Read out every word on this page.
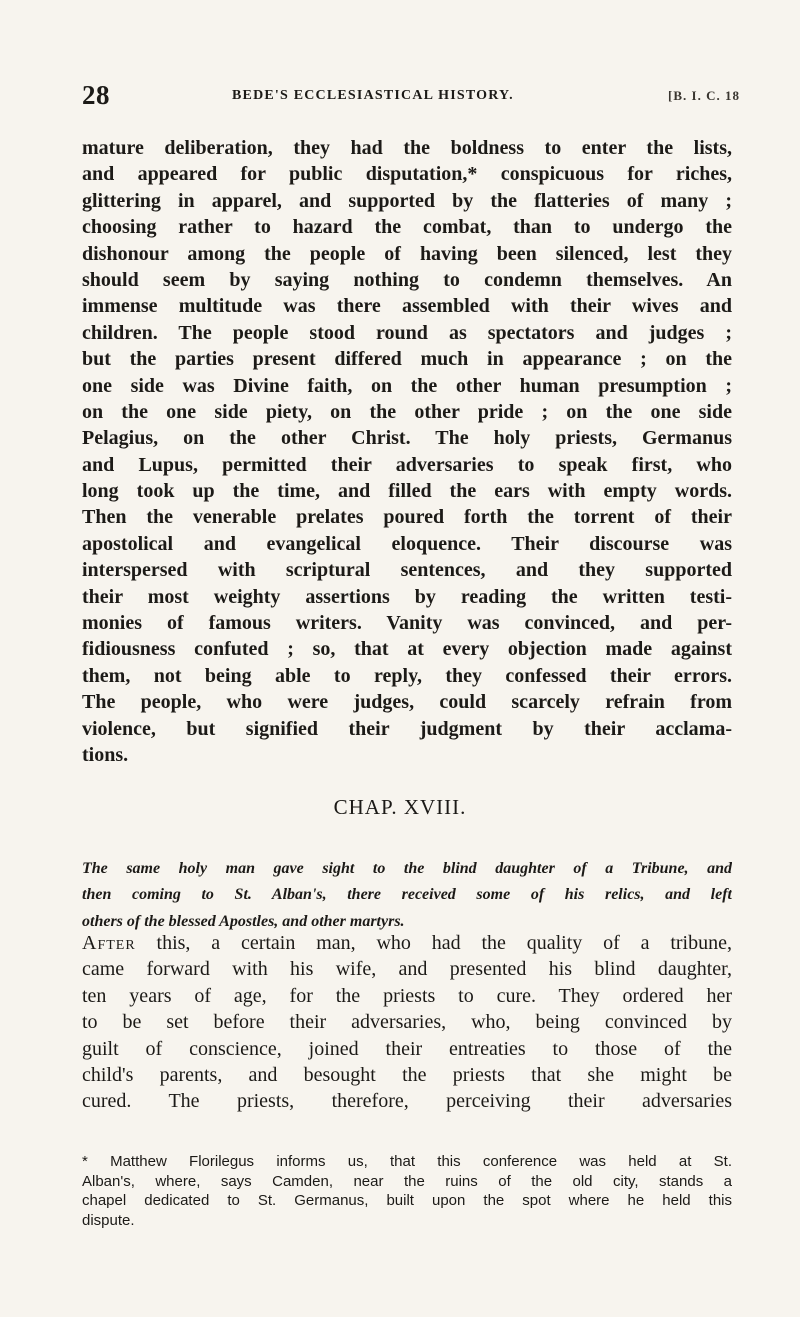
28	BEDE'S ECCLESIASTICAL HISTORY.	[B. I. C. 18
mature deliberation, they had the boldness to enter the lists,
and appeared for public disputation,* conspicuous for riches,
glittering in apparel, and supported by the flatteries of many ;
choosing rather to hazard the combat, than to undergo the
dishonour among the people of having been silenced, lest they
should seem by saying nothing to condemn themselves. An
immense multitude was there assembled with their wives and
children. The people stood round as spectators and judges ;
but the parties present differed much in appearance ; on the
one side was Divine faith, on the other human presumption ;
on the one side piety, on the other pride ; on the one side
Pelagius, on the other Christ. The holy priests, Germanus
and Lupus, permitted their adversaries to speak first, who
long took up the time, and filled the ears with empty words.
Then the venerable prelates poured forth the torrent of their
apostolical and evangelical eloquence. Their discourse was
interspersed with scriptural sentences, and they supported
their most weighty assertions by reading the written testi-
monies of famous writers. Vanity was convinced, and per-
fidiousness confuted ; so, that at every objection made against
them, not being able to reply, they confessed their errors.
The people, who were judges, could scarcely refrain from
violence, but signified their judgment by their acclama-
tions.
CHAP. XVIII.
The same holy man gave sight to the blind daughter of a Tribune, and
then coming to St. Alban's, there received some of his relics, and left
others of the blessed Apostles, and other martyrs.
After this, a certain man, who had the quality of a tribune,
came forward with his wife, and presented his blind daughter,
ten years of age, for the priests to cure. They ordered her
to be set before their adversaries, who, being convinced by
guilt of conscience, joined their entreaties to those of the
child's parents, and besought the priests that she might be
cured. The priests, therefore, perceiving their adversaries
* Matthew Florilegus informs us, that this conference was held at St.
Alban's, where, says Camden, near the ruins of the old city, stands a
chapel dedicated to St. Germanus, built upon the spot where he held this
dispute.
